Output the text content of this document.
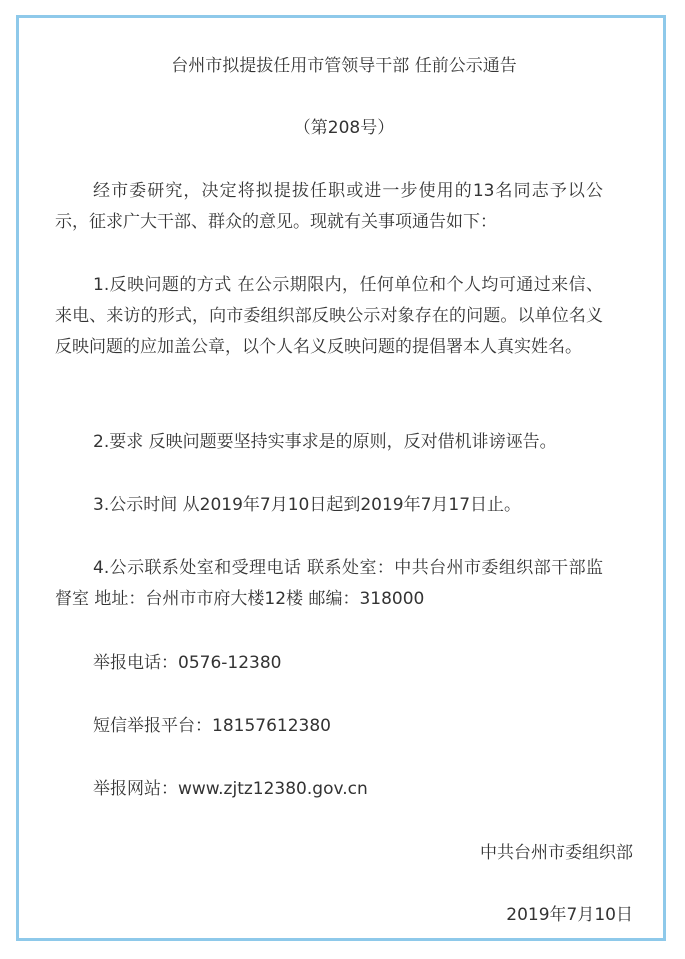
台州市拟提拔任用市管领导干部 任前公示通告
（第208号）
经市委研究，决定将拟提拔任职或进一步使用的13名同志予以公示，征求广大干部、群众的意见。现就有关事项通告如下：
1.反映问题的方式 在公示期限内，任何单位和个人均可通过来信、来电、来访的形式，向市委组织部反映公示对象存在的问题。以单位名义反映问题的应加盖公章，以个人名义反映问题的提倡署本人真实姓名。
2.要求 反映问题要坚持实事求是的原则，反对借机诽谤诬告。
3.公示时间 从2019年7月10日起到2019年7月17日止。
4.公示联系处室和受理电话 联系处室：中共台州市委组织部干部监督室 地址：台州市市府大楼12楼 邮编：318000
举报电话：0576-12380
短信举报平台：18157612380
举报网站：www.zjtz12380.gov.cn
中共台州市委组织部
2019年7月10日
